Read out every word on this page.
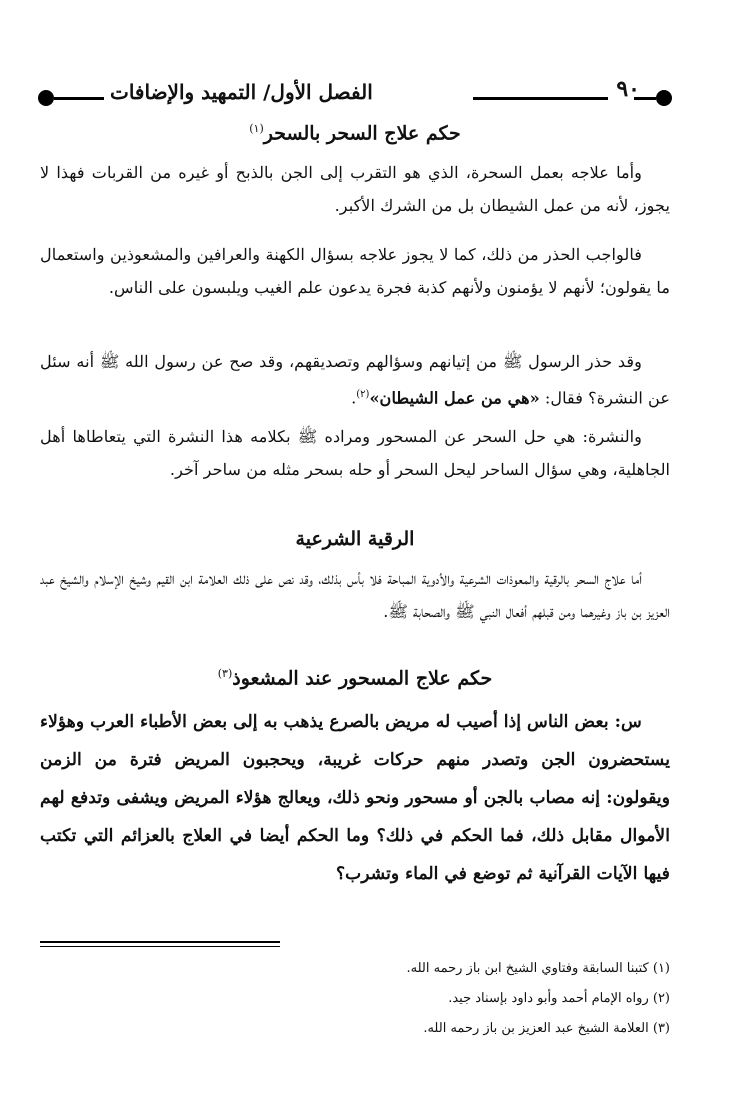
٩٠
الفصل الأول/ التمهيد والإضافات
حكم علاج السحر بالسحر$^{(١)}$

وأما علاجه بعمل السحرة، الذي هو التقرب إلى الجن بالذبح أو غيره من القربات فهذا لا يجوز، لأنه من عمل الشيطان بل من الشرك الأكبر.

فالواجب الحذر من ذلك، كما لا يجوز علاجه بسؤال الكهنة والعرافين والمشعوذين واستعمال ما يقولون؛ لأنهم لا يؤمنون ولأنهم كذبة فجرة يدعون علم الغيب ويلبسون على الناس.

وقد حذر الرسول ﷺ من إتيانهم وسؤالهم وتصديقهم، وقد صح عن رسول الله ﷺ أنه سئل عن النشرة؟ فقال: «هي من عمل الشيطان»$^{(٢)}$.

والنشرة: هي حل السحر عن المسحور ومراده ﷺ بكلامه هذا النشرة التي يتعاطاها أهل الجاهلية، وهي سؤال الساحر ليحل السحر أو حله بسحر مثله من ساحر آخر.

الرقية الشرعية

أما علاج السحر بالرقية والمعوذات الشرعية والأدوية المباحة فلا بأس بذلك، وقد نص على ذلك العلامة ابن القيم وشيخ الإسلام والشيخ عبد العزيز بن باز وغيرهما ومن قبلهم أفعال النبي ﷺ والصحابة ﷺ.

حكم علاج المسحور عند المشعوذ$^{(٣)}$

س: بعض الناس إذا أصيب له مريض بالصرع يذهب به إلى بعض الأطباء العرب وهؤلاء يستحضرون الجن وتصدر منهم حركات غريبة، ويحجبون المريض فترة من الزمن ويقولون: إنه مصاب بالجن أو مسحور ونحو ذلك، ويعالج هؤلاء المريض ويشفى وتدفع لهم الأموال مقابل ذلك، فما الحكم في ذلك؟ وما الحكم أيضا في العلاج بالعزائم التي تكتب فيها الآيات القرآنية ثم توضع في الماء وتشرب؟

(١) كتبنا السابقة وفتاوي الشيخ ابن باز رحمه الله.
(٢) رواه الإمام أحمد وأبو داود بإسناد جيد.
(٣) العلامة الشيخ عبد العزيز بن باز رحمه الله.
